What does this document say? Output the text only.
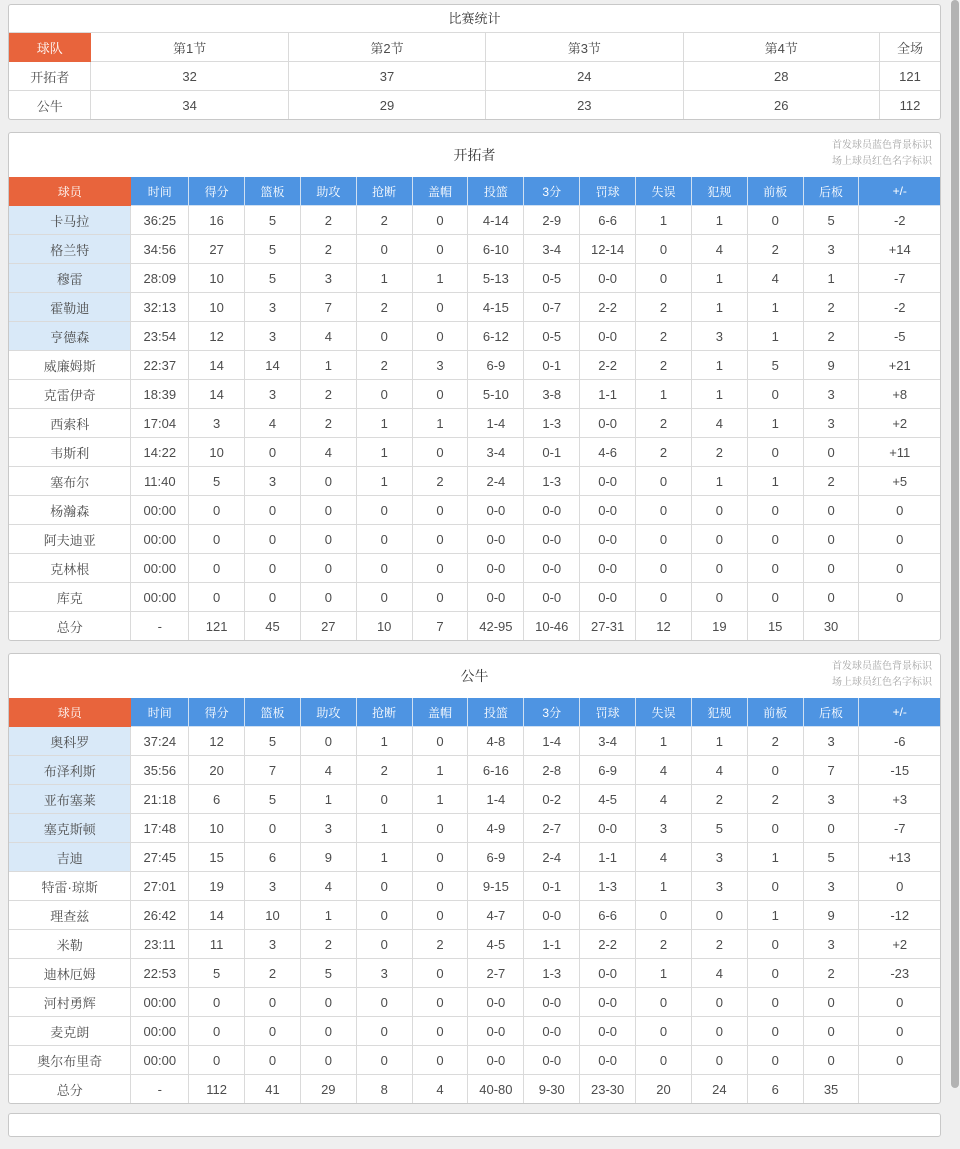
比赛统计
球队	第1节	第2节	第3节	第4节	全场
开拓者	32	37	24	28	121
公牛	34	29	23	26	112
开拓者
首发球员蓝色背景标识
场上球员红色名字标识
球员	时间	得分	篮板	助攻	抢断	盖帽	投篮	3分	罚球	失误	犯规	前板	后板	+/-
卡马拉	36:25	16	5	2	2	0	4-14	2-9	6-6	1	1	0	5	-2
格兰特	34:56	27	5	2	0	0	6-10	3-4	12-14	0	4	2	3	+14
穆雷	28:09	10	5	3	1	1	5-13	0-5	0-0	0	1	4	1	-7
霍勒迪	32:13	10	3	7	2	0	4-15	0-7	2-2	2	1	1	2	-2
亨德森	23:54	12	3	4	0	0	6-12	0-5	0-0	2	3	1	2	-5
威廉姆斯	22:37	14	14	1	2	3	6-9	0-1	2-2	2	1	5	9	+21
克雷伊奇	18:39	14	3	2	0	0	5-10	3-8	1-1	1	1	0	3	+8
西索科	17:04	3	4	2	1	1	1-4	1-3	0-0	2	4	1	3	+2
韦斯利	14:22	10	0	4	1	0	3-4	0-1	4-6	2	2	0	0	+11
塞布尔	11:40	5	3	0	1	2	2-4	1-3	0-0	0	1	1	2	+5
杨瀚森	00:00	0	0	0	0	0	0-0	0-0	0-0	0	0	0	0	0
阿夫迪亚	00:00	0	0	0	0	0	0-0	0-0	0-0	0	0	0	0	0
克林根	00:00	0	0	0	0	0	0-0	0-0	0-0	0	0	0	0	0
库克	00:00	0	0	0	0	0	0-0	0-0	0-0	0	0	0	0	0
总分	-	121	45	27	10	7	42-95	10-46	27-31	12	19	15	30	
公牛
首发球员蓝色背景标识
场上球员红色名字标识
球员	时间	得分	篮板	助攻	抢断	盖帽	投篮	3分	罚球	失误	犯规	前板	后板	+/-
奥科罗	37:24	12	5	0	1	0	4-8	1-4	3-4	1	1	2	3	-6
布泽利斯	35:56	20	7	4	2	1	6-16	2-8	6-9	4	4	0	7	-15
亚布塞莱	21:18	6	5	1	0	1	1-4	0-2	4-5	4	2	2	3	+3
塞克斯顿	17:48	10	0	3	1	0	4-9	2-7	0-0	3	5	0	0	-7
吉迪	27:45	15	6	9	1	0	6-9	2-4	1-1	4	3	1	5	+13
特雷·琼斯	27:01	19	3	4	0	0	9-15	0-1	1-3	1	3	0	3	0
理查兹	26:42	14	10	1	0	0	4-7	0-0	6-6	0	0	1	9	-12
米勒	23:11	11	3	2	0	2	4-5	1-1	2-2	2	2	0	3	+2
迪林厄姆	22:53	5	2	5	3	0	2-7	1-3	0-0	1	4	0	2	-23
河村勇辉	00:00	0	0	0	0	0	0-0	0-0	0-0	0	0	0	0	0
麦克朗	00:00	0	0	0	0	0	0-0	0-0	0-0	0	0	0	0	0
奥尔布里奇	00:00	0	0	0	0	0	0-0	0-0	0-0	0	0	0	0	0
总分	-	112	41	29	8	4	40-80	9-30	23-30	20	24	6	35	
